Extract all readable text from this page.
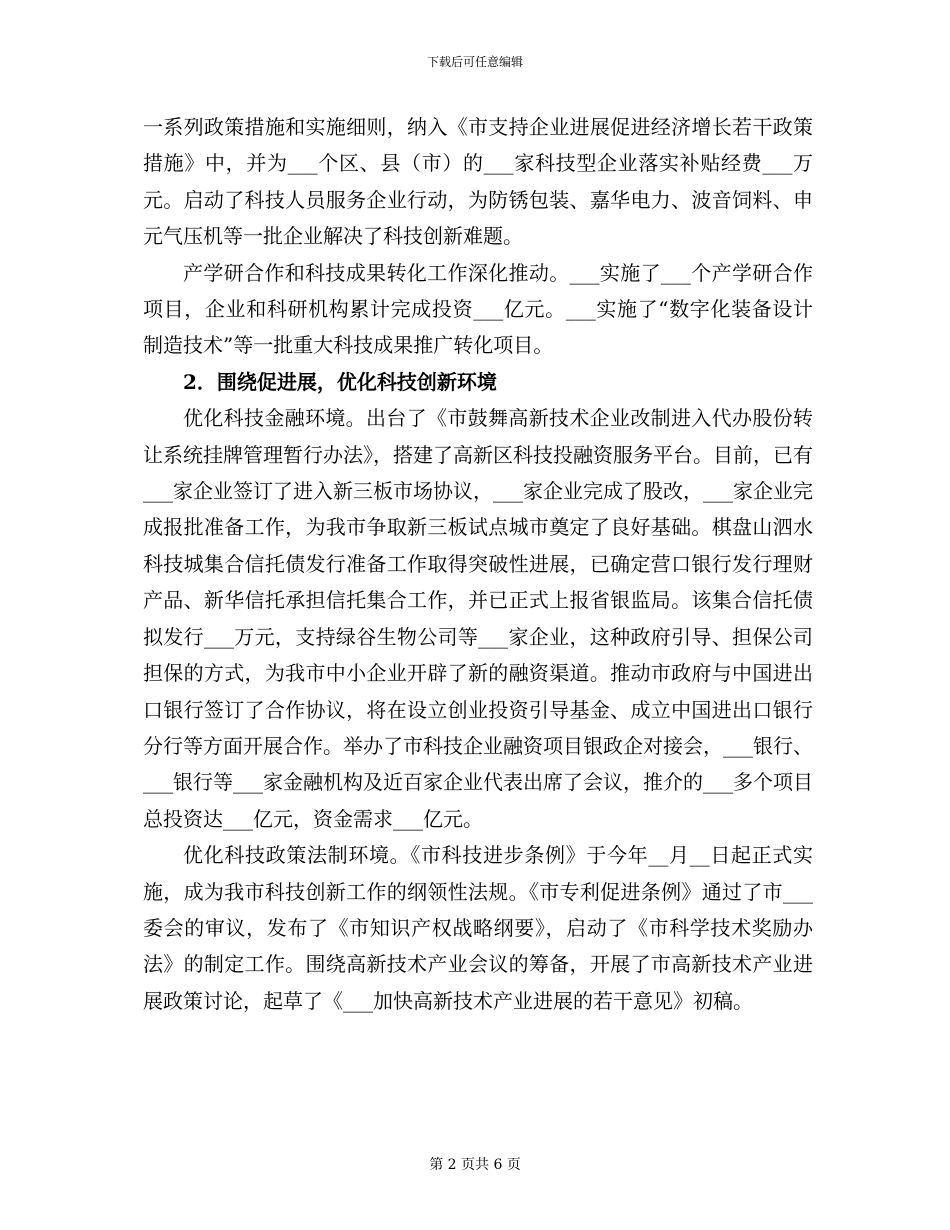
下载后可任意编辑

一系列政策措施和实施细则，纳入《市支持企业进展促进经济增长若干政策措施》中，并为___个区、县（市）的___家科技型企业落实补贴经费___万元。启动了科技人员服务企业行动，为防锈包装、嘉华电力、波音饲料、申元气压机等一批企业解决了科技创新难题。

产学研合作和科技成果转化工作深化推动。___实施了___个产学研合作项目，企业和科研机构累计完成投资___亿元。___实施了“数字化装备设计制造技术”等一批重大科技成果推广转化项目。

2．围绕促进展，优化科技创新环境

优化科技金融环境。出台了《市鼓舞高新技术企业改制进入代办股份转让系统挂牌管理暂行办法》，搭建了高新区科技投融资服务平台。目前，已有___家企业签订了进入新三板市场协议，___家企业完成了股改，___家企业完成报批准备工作，为我市争取新三板试点城市奠定了良好基础。棋盘山泗水科技城集合信托债发行准备工作取得突破性进展，已确定营口银行发行理财产品、新华信托承担信托集合工作，并已正式上报省银监局。该集合信托债拟发行___万元，支持绿谷生物公司等___家企业，这种政府引导、担保公司担保的方式，为我市中小企业开辟了新的融资渠道。推动市政府与中国进出口银行签订了合作协议，将在设立创业投资引导基金、成立中国进出口银行分行等方面开展合作。举办了市科技企业融资项目银政企对接会，___银行、___银行等___家金融机构及近百家企业代表出席了会议，推介的___多个项目总投资达___亿元，资金需求___亿元。

优化科技政策法制环境。《市科技进步条例》于今年__月__日起正式实施，成为我市科技创新工作的纲领性法规。《市专利促进条例》通过了市___委会的审议，发布了《市知识产权战略纲要》，启动了《市科学技术奖励办法》的制定工作。围绕高新技术产业会议的筹备，开展了市高新技术产业进展政策讨论，起草了《___加快高新技术产业进展的若干意见》初稿。

第 2 页共 6 页
